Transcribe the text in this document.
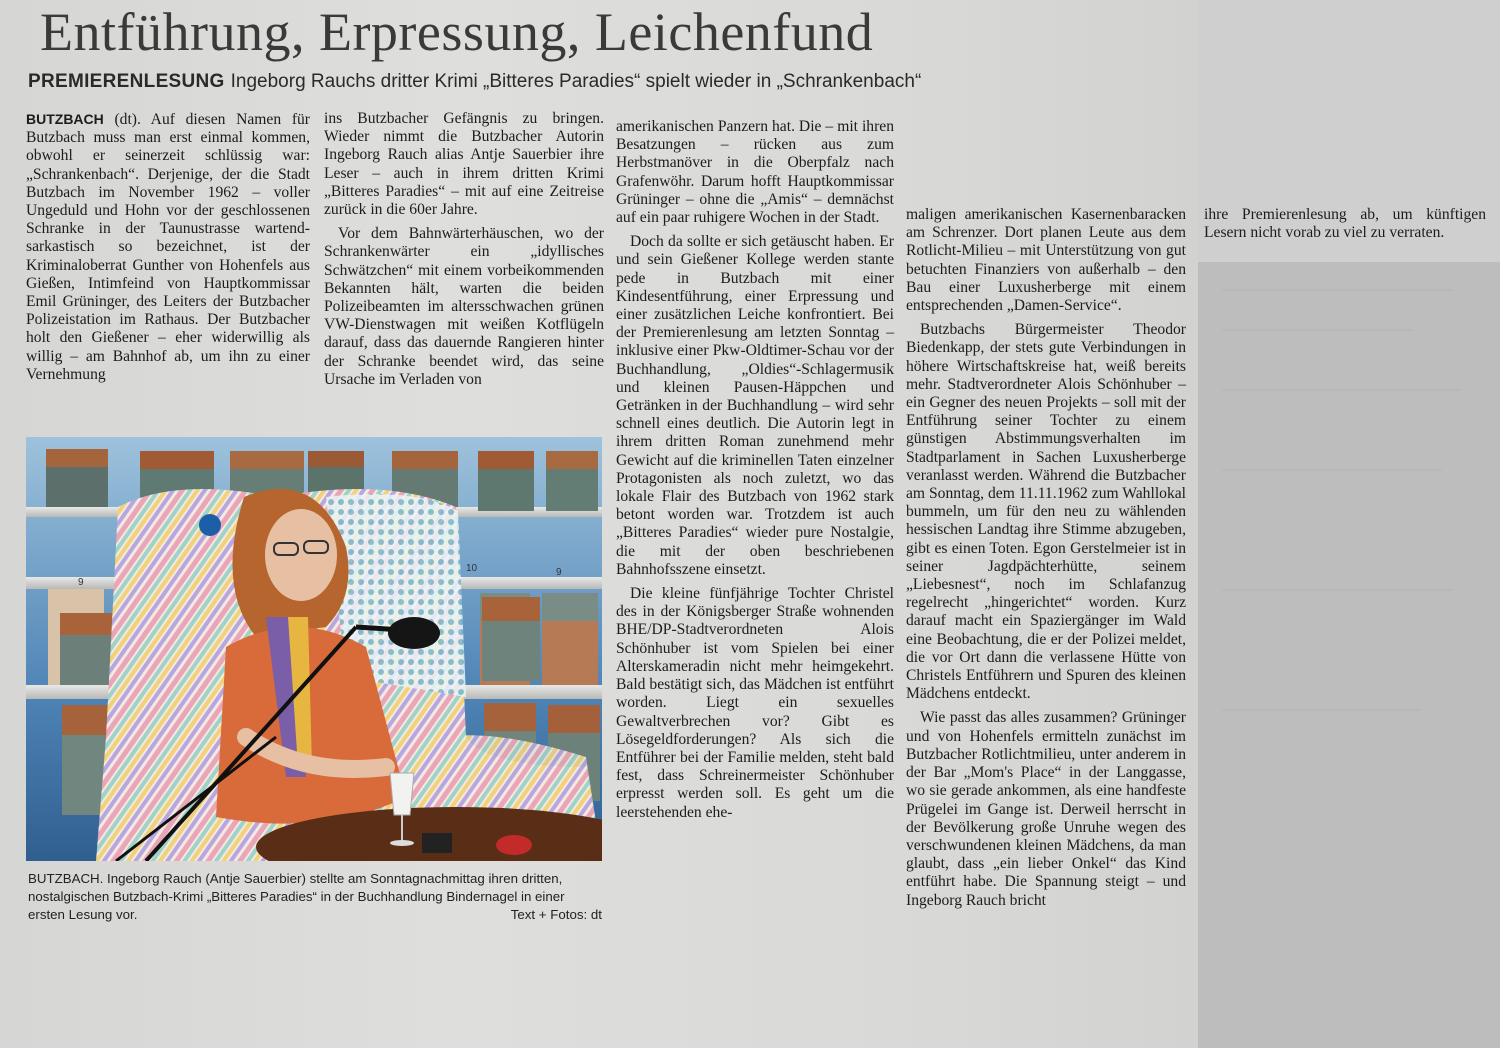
Entführung, Erpressung, Leichenfund
PREMIERENLESUNG Ingeborg Rauchs dritter Krimi „Bitteres Paradies“ spielt wieder in „Schrankenbach“

BUTZBACH (dt). Auf diesen Namen für Butzbach muss man erst einmal kommen, obwohl er seinerzeit schlüssig war: „Schrankenbach“. Derjenige, der die Stadt Butzbach im November 1962 – voller Ungeduld und Hohn vor der geschlossenen Schranke in der Taunustrasse wartend-sarkastisch so bezeichnet, ist der Kriminaloberrat Gunther von Hohenfels aus Gießen, Intimfeind von Hauptkommissar Emil Grüninger, des Leiters der Butzbacher Polizeistation im Rathaus. Der Butzbacher holt den Gießener – eher widerwillig als willig – am Bahnhof ab, um ihn zu einer Vernehmung

ins Butzbacher Gefängnis zu bringen. Wieder nimmt die Butzbacher Autorin Ingeborg Rauch alias Antje Sauerbier ihre Leser – auch in ihrem dritten Krimi „Bitteres Paradies“ – mit auf eine Zeitreise zurück in die 60er Jahre.

Vor dem Bahnwärterhäuschen, wo der Schrankenwärter ein „idyllisches Schwätzchen“ mit einem vorbeikommenden Bekannten hält, warten die beiden Polizeibeamten im altersschwachen grünen VW-Dienstwagen mit weißen Kotflügeln darauf, dass das dauernde Rangieren hinter der Schranke beendet wird, das seine Ursache im Verladen von

amerikanischen Panzern hat. Die – mit ihren Besatzungen – rücken aus zum Herbstmanöver in die Oberpfalz nach Grafenwöhr. Darum hofft Hauptkommissar Grüninger – ohne die „Amis“ – demnächst auf ein paar ruhigere Wochen in der Stadt.

Doch da sollte er sich getäuscht haben. Er und sein Gießener Kollege werden stante pede in Butzbach mit einer Kindesentführung, einer Erpressung und einer zusätzlichen Leiche konfrontiert. Bei der Premierenlesung am letzten Sonntag – inklusive einer Pkw-Oldtimer-Schau vor der Buchhandlung, „Oldies“-Schlagermusik und kleinen Pausen-Häppchen und Getränken in der Buchhandlung – wird sehr schnell eines deutlich. Die Autorin legt in ihrem dritten Roman zunehmend mehr Gewicht auf die kriminellen Taten einzelner Protagonisten als noch zuletzt, wo das lokale Flair des Butzbach von 1962 stark betont worden war. Trotzdem ist auch „Bitteres Paradies“ wieder pure Nostalgie, die mit der oben beschriebenen Bahnhofsszene einsetzt.

Die kleine fünfjährige Tochter Christel des in der Königsberger Straße wohnenden BHE/DP-Stadtverordneten Alois Schönhuber ist vom Spielen bei einer Alterskameradin nicht mehr heimgekehrt. Bald bestätigt sich, das Mädchen ist entführt worden. Liegt ein sexuelles Gewaltverbrechen vor? Gibt es Lösegeldforderungen? Als sich die Entführer bei der Familie melden, steht bald fest, dass Schreinermeister Schönhuber erpresst werden soll. Es geht um die leerstehenden ehe-

maligen amerikanischen Kasernenbaracken am Schrenzer. Dort planen Leute aus dem Rotlicht-Milieu – mit Unterstützung von gut betuchten Finanziers von außerhalb – den Bau einer Luxusherberge mit einem entsprechenden „Damen-Service“.

Butzbachs Bürgermeister Theodor Biedenkapp, der stets gute Verbindungen in höhere Wirtschaftskreise hat, weiß bereits mehr. Stadtverordneter Alois Schönhuber – ein Gegner des neuen Projekts – soll mit der Entführung seiner Tochter zu einem günstigen Abstimmungsverhalten im Stadtparlament in Sachen Luxusherberge veranlasst werden. Während die Butzbacher am Sonntag, dem 11.11.1962 zum Wahllokal bummeln, um für den neu zu wählenden hessischen Landtag ihre Stimme abzugeben, gibt es einen Toten. Egon Gerstelmeier ist in seiner Jagdpächterhütte, seinem „Liebesnest“, noch im Schlafanzug regelrecht „hingerichtet“ worden. Kurz darauf macht ein Spaziergänger im Wald eine Beobachtung, die er der Polizei meldet, die vor Ort dann die verlassene Hütte von Christels Entführern und Spuren des kleinen Mädchens entdeckt.

Wie passt das alles zusammen? Grüninger und von Hohenfels ermitteln zunächst im Butzbacher Rotlichtmilieu, unter anderem in der Bar „Mom's Place“ in der Langgasse, wo sie gerade ankommen, als eine handfeste Prügelei im Gange ist. Derweil herrscht in der Bevölkerung große Unruhe wegen des verschwundenen kleinen Mädchens, da man glaubt, dass „ein lieber Onkel“ das Kind entführt habe. Die Spannung steigt – und Ingeborg Rauch bricht

ihre Premierenlesung ab, um künftigen Lesern nicht vorab zu viel zu verraten.

9
10	9
BUTZBACH. Ingeborg Rauch (Antje Sauerbier) stellte am Sonntagnachmittag ihren dritten, nostalgischen Butzbach-Krimi „Bitteres Paradies“ in der Buchhandlung Bindernagel in einer ersten Lesung vor.	Text + Fotos: dt
